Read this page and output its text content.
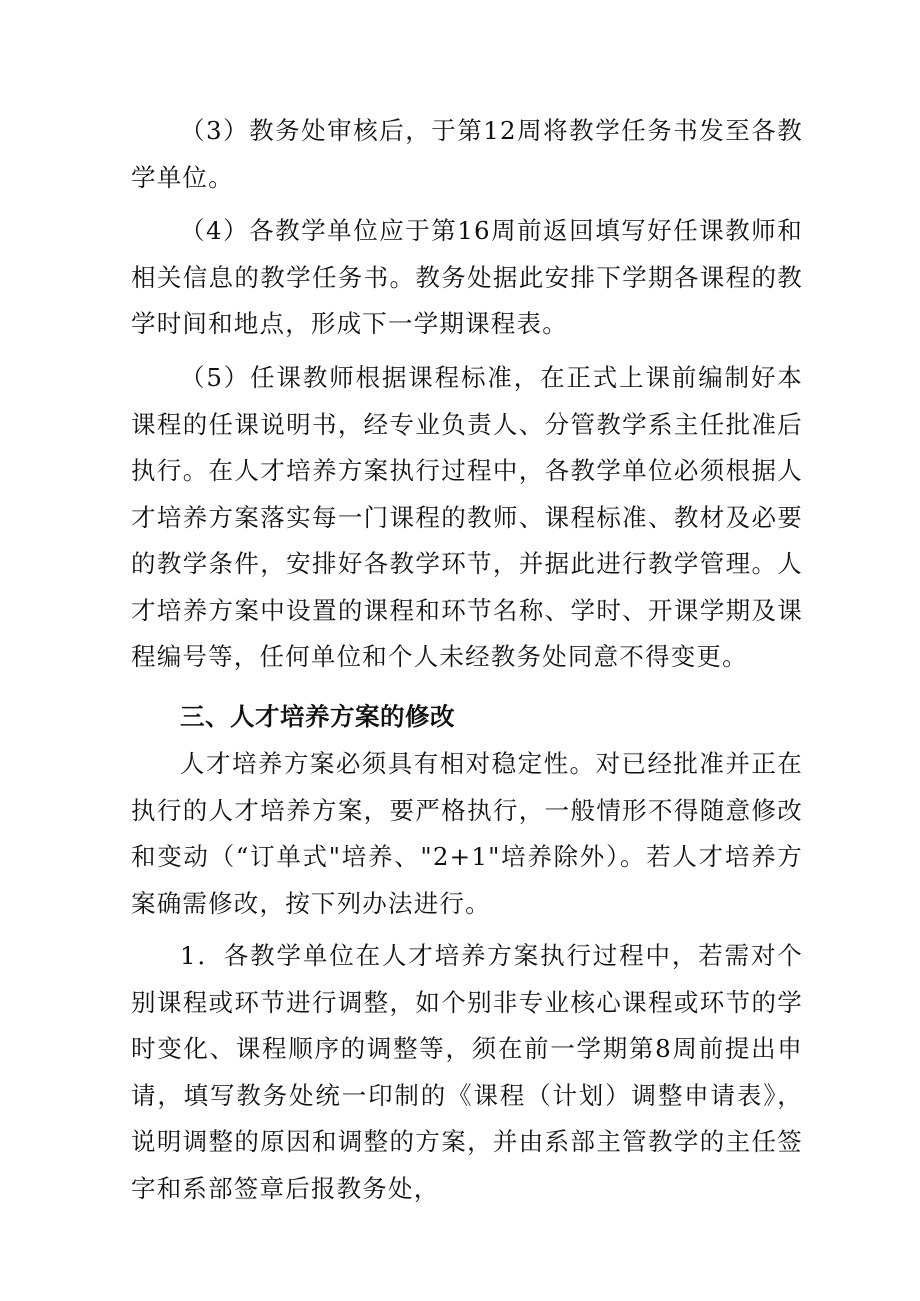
（3）教务处审核后，于第12周将教学任务书发至各教学单位。

（4）各教学单位应于第16周前返回填写好任课教师和相关信息的教学任务书。教务处据此安排下学期各课程的教学时间和地点，形成下一学期课程表。

（5）任课教师根据课程标准，在正式上课前编制好本课程的任课说明书，经专业负责人、分管教学系主任批准后执行。在人才培养方案执行过程中，各教学单位必须根据人才培养方案落实每一门课程的教师、课程标准、教材及必要的教学条件，安排好各教学环节，并据此进行教学管理。人才培养方案中设置的课程和环节名称、学时、开课学期及课程编号等，任何单位和个人未经教务处同意不得变更。

三、人才培养方案的修改

人才培养方案必须具有相对稳定性。对已经批准并正在执行的人才培养方案，要严格执行，一般情形不得随意修改和变动（“订单式"培养、"2+1"培养除外）。若人才培养方案确需修改，按下列办法进行。

1．各教学单位在人才培养方案执行过程中，若需对个别课程或环节进行调整，如个别非专业核心课程或环节的学时变化、课程顺序的调整等，须在前一学期第8周前提出申请，填写教务处统一印制的《课程（计划）调整申请表》，说明调整的原因和调整的方案，并由系部主管教学的主任签字和系部签章后报教务处，
